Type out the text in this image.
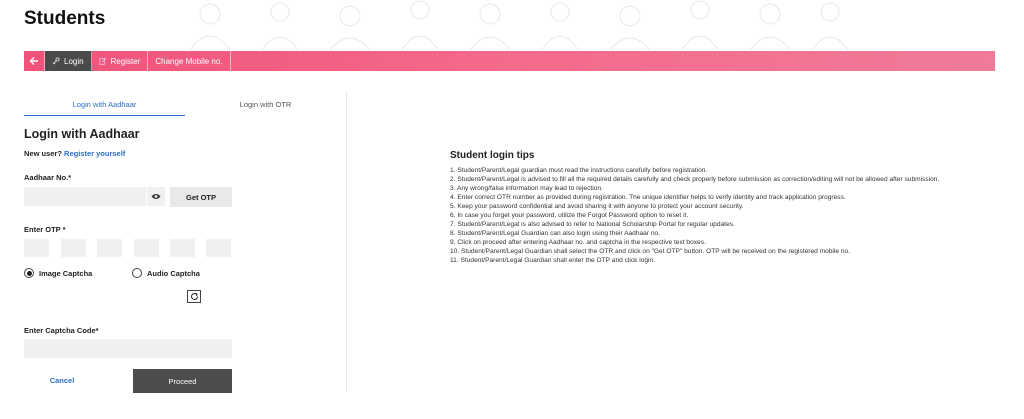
Students
Login	Register Change Mobile no.
Login with Aadhaar	Login with OTR
Login with Aadhaar
New user? Register yourself
Aadhaar No.*
Get OTP
Enter OTP *
Image Captcha	Audio Captcha
Enter Captcha Code*
Cancel	Proceed
Student login tips
1. Student/Parent/Legal guardian must read the instructions carefully before registration.
2. Student/Parent/Legal is advised to fill all the required details carefully and check properly before submission as correction/editing will not be allowed after submission.
3. Any wrong/false information may lead to rejection.
4. Enter correct OTR number as provided during registration. The unique identifier helps to verify identity and track application progress.
5. Keep your password confidential and avoid sharing it with anyone to protect your account security.
6. In case you forget your password, utilize the Forgot Password option to reset it.
7. Student/Parent/Legal is also advised to refer to National Scholarship Portal for regular updates.
8. Student/Parent/Legal Guardian can also login using their Aadhaar no.
9. Click on proceed after entering Aadhaar no. and captcha in the respective text boxes.
10. Student/Parent/Legal Guardian shall select the OTR and click on "Get OTP" button. OTP will be received on the registered mobile no.
11. Student/Parent/Legal Guardian shall enter the OTP and click login.
